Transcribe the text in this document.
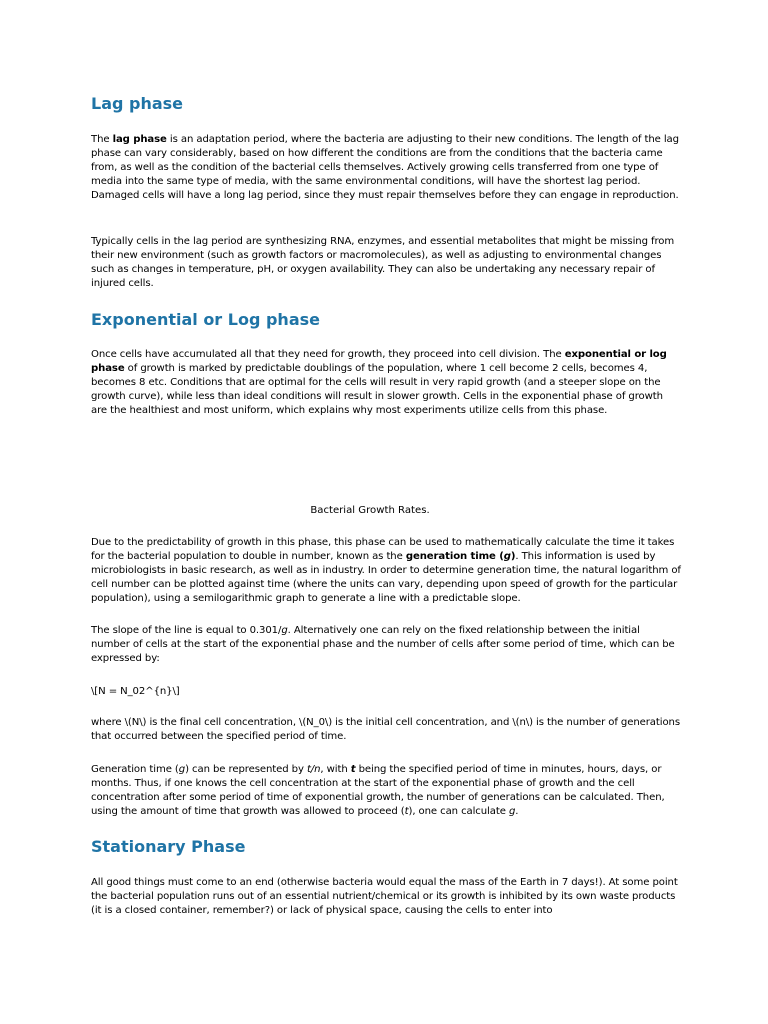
Lag phase

The lag phase is an adaptation period, where the bacteria are adjusting to their new conditions. The length of the lag phase can vary considerably, based on how different the conditions are from the conditions that the bacteria came from, as well as the condition of the bacterial cells themselves. Actively growing cells transferred from one type of media into the same type of media, with the same environmental conditions, will have the shortest lag period. Damaged cells will have a long lag period, since they must repair themselves before they can engage in reproduction.

Typically cells in the lag period are synthesizing RNA, enzymes, and essential metabolites that might be missing from their new environment (such as growth factors or macromolecules), as well as adjusting to environmental changes such as changes in temperature, pH, or oxygen availability. They can also be undertaking any necessary repair of injured cells.

Exponential or Log phase

Once cells have accumulated all that they need for growth, they proceed into cell division. The exponential or log phase of growth is marked by predictable doublings of the population, where 1 cell become 2 cells, becomes 4, becomes 8 etc. Conditions that are optimal for the cells will result in very rapid growth (and a steeper slope on the growth curve), while less than ideal conditions will result in slower growth. Cells in the exponential phase of growth are the healthiest and most uniform, which explains why most experiments utilize cells from this phase.

Bacterial Growth Rates.

Due to the predictability of growth in this phase, this phase can be used to mathematically calculate the time it takes for the bacterial population to double in number, known as the generation time (g). This information is used by microbiologists in basic research, as well as in industry. In order to determine generation time, the natural logarithm of cell number can be plotted against time (where the units can vary, depending upon speed of growth for the particular population), using a semilogarithmic graph to generate a line with a predictable slope.

The slope of the line is equal to 0.301/g. Alternatively one can rely on the fixed relationship between the initial number of cells at the start of the exponential phase and the number of cells after some period of time, which can be expressed by:

\[N = N_02^{n}\]

where \(N\) is the final cell concentration, \(N_0\) is the initial cell concentration, and \(n\) is the number of generations that occurred between the specified period of time.

Generation time (g) can be represented by t/n, with t being the specified period of time in minutes, hours, days, or months. Thus, if one knows the cell concentration at the start of the exponential phase of growth and the cell concentration after some period of time of exponential growth, the number of generations can be calculated. Then, using the amount of time that growth was allowed to proceed (t), one can calculate g.

Stationary Phase

All good things must come to an end (otherwise bacteria would equal the mass of the Earth in 7 days!). At some point the bacterial population runs out of an essential nutrient/chemical or its growth is inhibited by its own waste products (it is a closed container, remember?) or lack of physical space, causing the cells to enter into
